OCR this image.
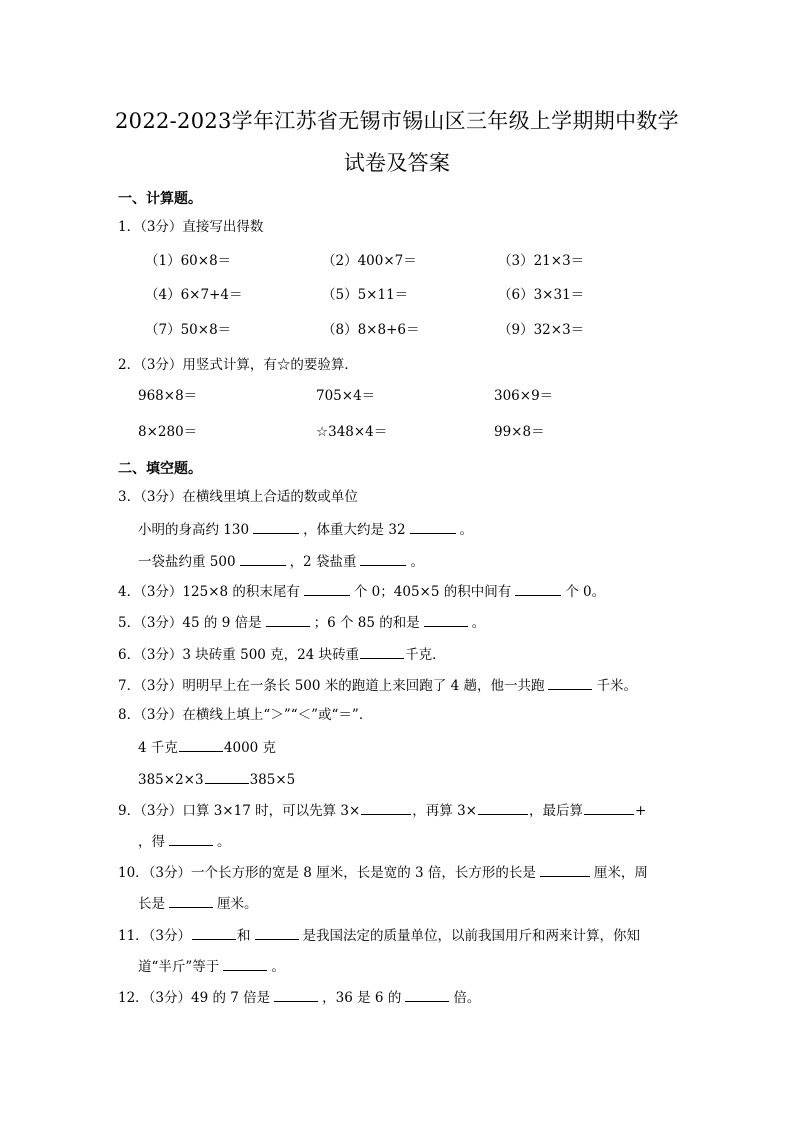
2022-2023学年江苏省无锡市锡山区三年级上学期期中数学
试卷及答案
一、计算题。
1．（3分）直接写出得数
（1）60×8＝	（2）400×7＝	（3）21×3＝
（4）6×7+4＝	（5）5×11＝	（6）3×31＝
（7）50×8＝	（8）8×8+6＝	（9）32×3＝
2．（3分）用竖式计算，有☆的要验算．
968×8＝	705×4＝	306×9＝
8×280＝	☆348×4＝	99×8＝
二、填空题。
3．（3分）在横线里填上合适的数或单位
小明的身高约 130	，体重大约是 32	。
一袋盐约重 500	，2 袋盐重	。
4．（3分）125×8 的积末尾有	个 0；405×5 的积中间有	个 0。
5．（3分）45 的 9 倍是	；6 个 85 的和是	。
6．（3分）3 块砖重 500 克，24 块砖重	千克．
7．（3分）明明早上在一条长 500 米的跑道上来回跑了 4 趟，他一共跑	千米。
8．（3分）在横线上填上“＞”“＜”或“＝”．
4 千克	4000 克
385×2×3	385×5
9．（3分）口算 3×17 时，可以先算 3×	，再算 3×	，最后算	+
，得	。
10．（3分）一个长方形的宽是 8 厘米，长是宽的 3 倍，长方形的长是	厘米，周
长是	厘米。
11．（3分）	和	是我国法定的质量单位，以前我国用斤和两来计算，你知
道“半斤”等于	。
12．（3分）49 的 7 倍是	，36 是 6 的	倍。
